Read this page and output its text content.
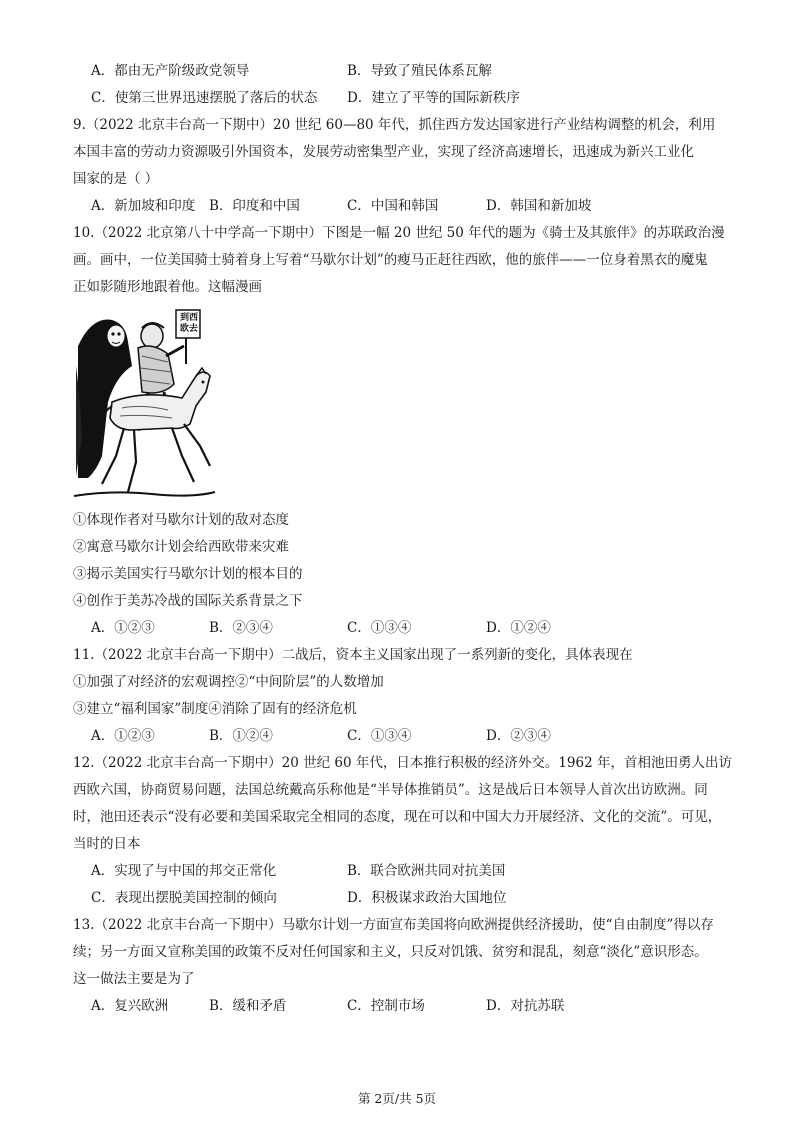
A．都由无产阶级政党领导	B．导致了殖民体系瓦解
C．使第三世界迅速摆脱了落后的状态 D．建立了平等的国际新秩序
9.（2022 北京丰台高一下期中）20 世纪 60—80 年代，抓住西方发达国家进行产业结构调整的机会，利用
本国丰富的劳动力资源吸引外国资本，发展劳动密集型产业，实现了经济高速增长，迅速成为新兴工业化
国家的是（ ）
A．新加坡和印度 B．印度和中国	C．中国和韩国	D．韩国和新加坡
10.（2022 北京第八十中学高一下期中）下图是一幅 20 世纪 50 年代的题为《骑士及其旅伴》的苏联政治漫
画。画中，一位美国骑士骑着身上写着“马歇尔计划”的瘦马正赶往西欧，他的旅伴——一位身着黑衣的魔鬼
正如影随形地跟着他。这幅漫画
到西欧去
①体现作者对马歇尔计划的敌对态度
②寓意马歇尔计划会给西欧带来灾难
③揭示美国实行马歇尔计划的根本目的
④创作于美苏冷战的国际关系背景之下
A．①②③	B．②③④	C．①③④	D．①②④
11.（2022 北京丰台高一下期中）二战后，资本主义国家出现了一系列新的变化，具体表现在
①加强了对经济的宏观调控②“中间阶层”的人数增加
③建立“福利国家”制度④消除了固有的经济危机
A．①②③	B．①②④	C．①③④	D．②③④
12.（2022 北京丰台高一下期中）20 世纪 60 年代，日本推行积极的经济外交。1962 年，首相池田勇人出访
西欧六国，协商贸易问题，法国总统戴高乐称他是“半导体推销员”。这是战后日本领导人首次出访欧洲。同
时，池田还表示“没有必要和美国采取完全相同的态度，现在可以和中国大力开展经济、文化的交流”。可见，
当时的日本
A．实现了与中国的邦交正常化	B．联合欧洲共同对抗美国
C．表现出摆脱美国控制的倾向	D．积极谋求政治大国地位
13.（2022 北京丰台高一下期中）马歇尔计划一方面宣布美国将向欧洲提供经济援助，使“自由制度”得以存
续；另一方面又宣称美国的政策不反对任何国家和主义，只反对饥饿、贫穷和混乱，刻意“淡化”意识形态。
这一做法主要是为了
A．复兴欧洲	B．缓和矛盾	C．控制市场	D．对抗苏联
第 2页/共 5页
